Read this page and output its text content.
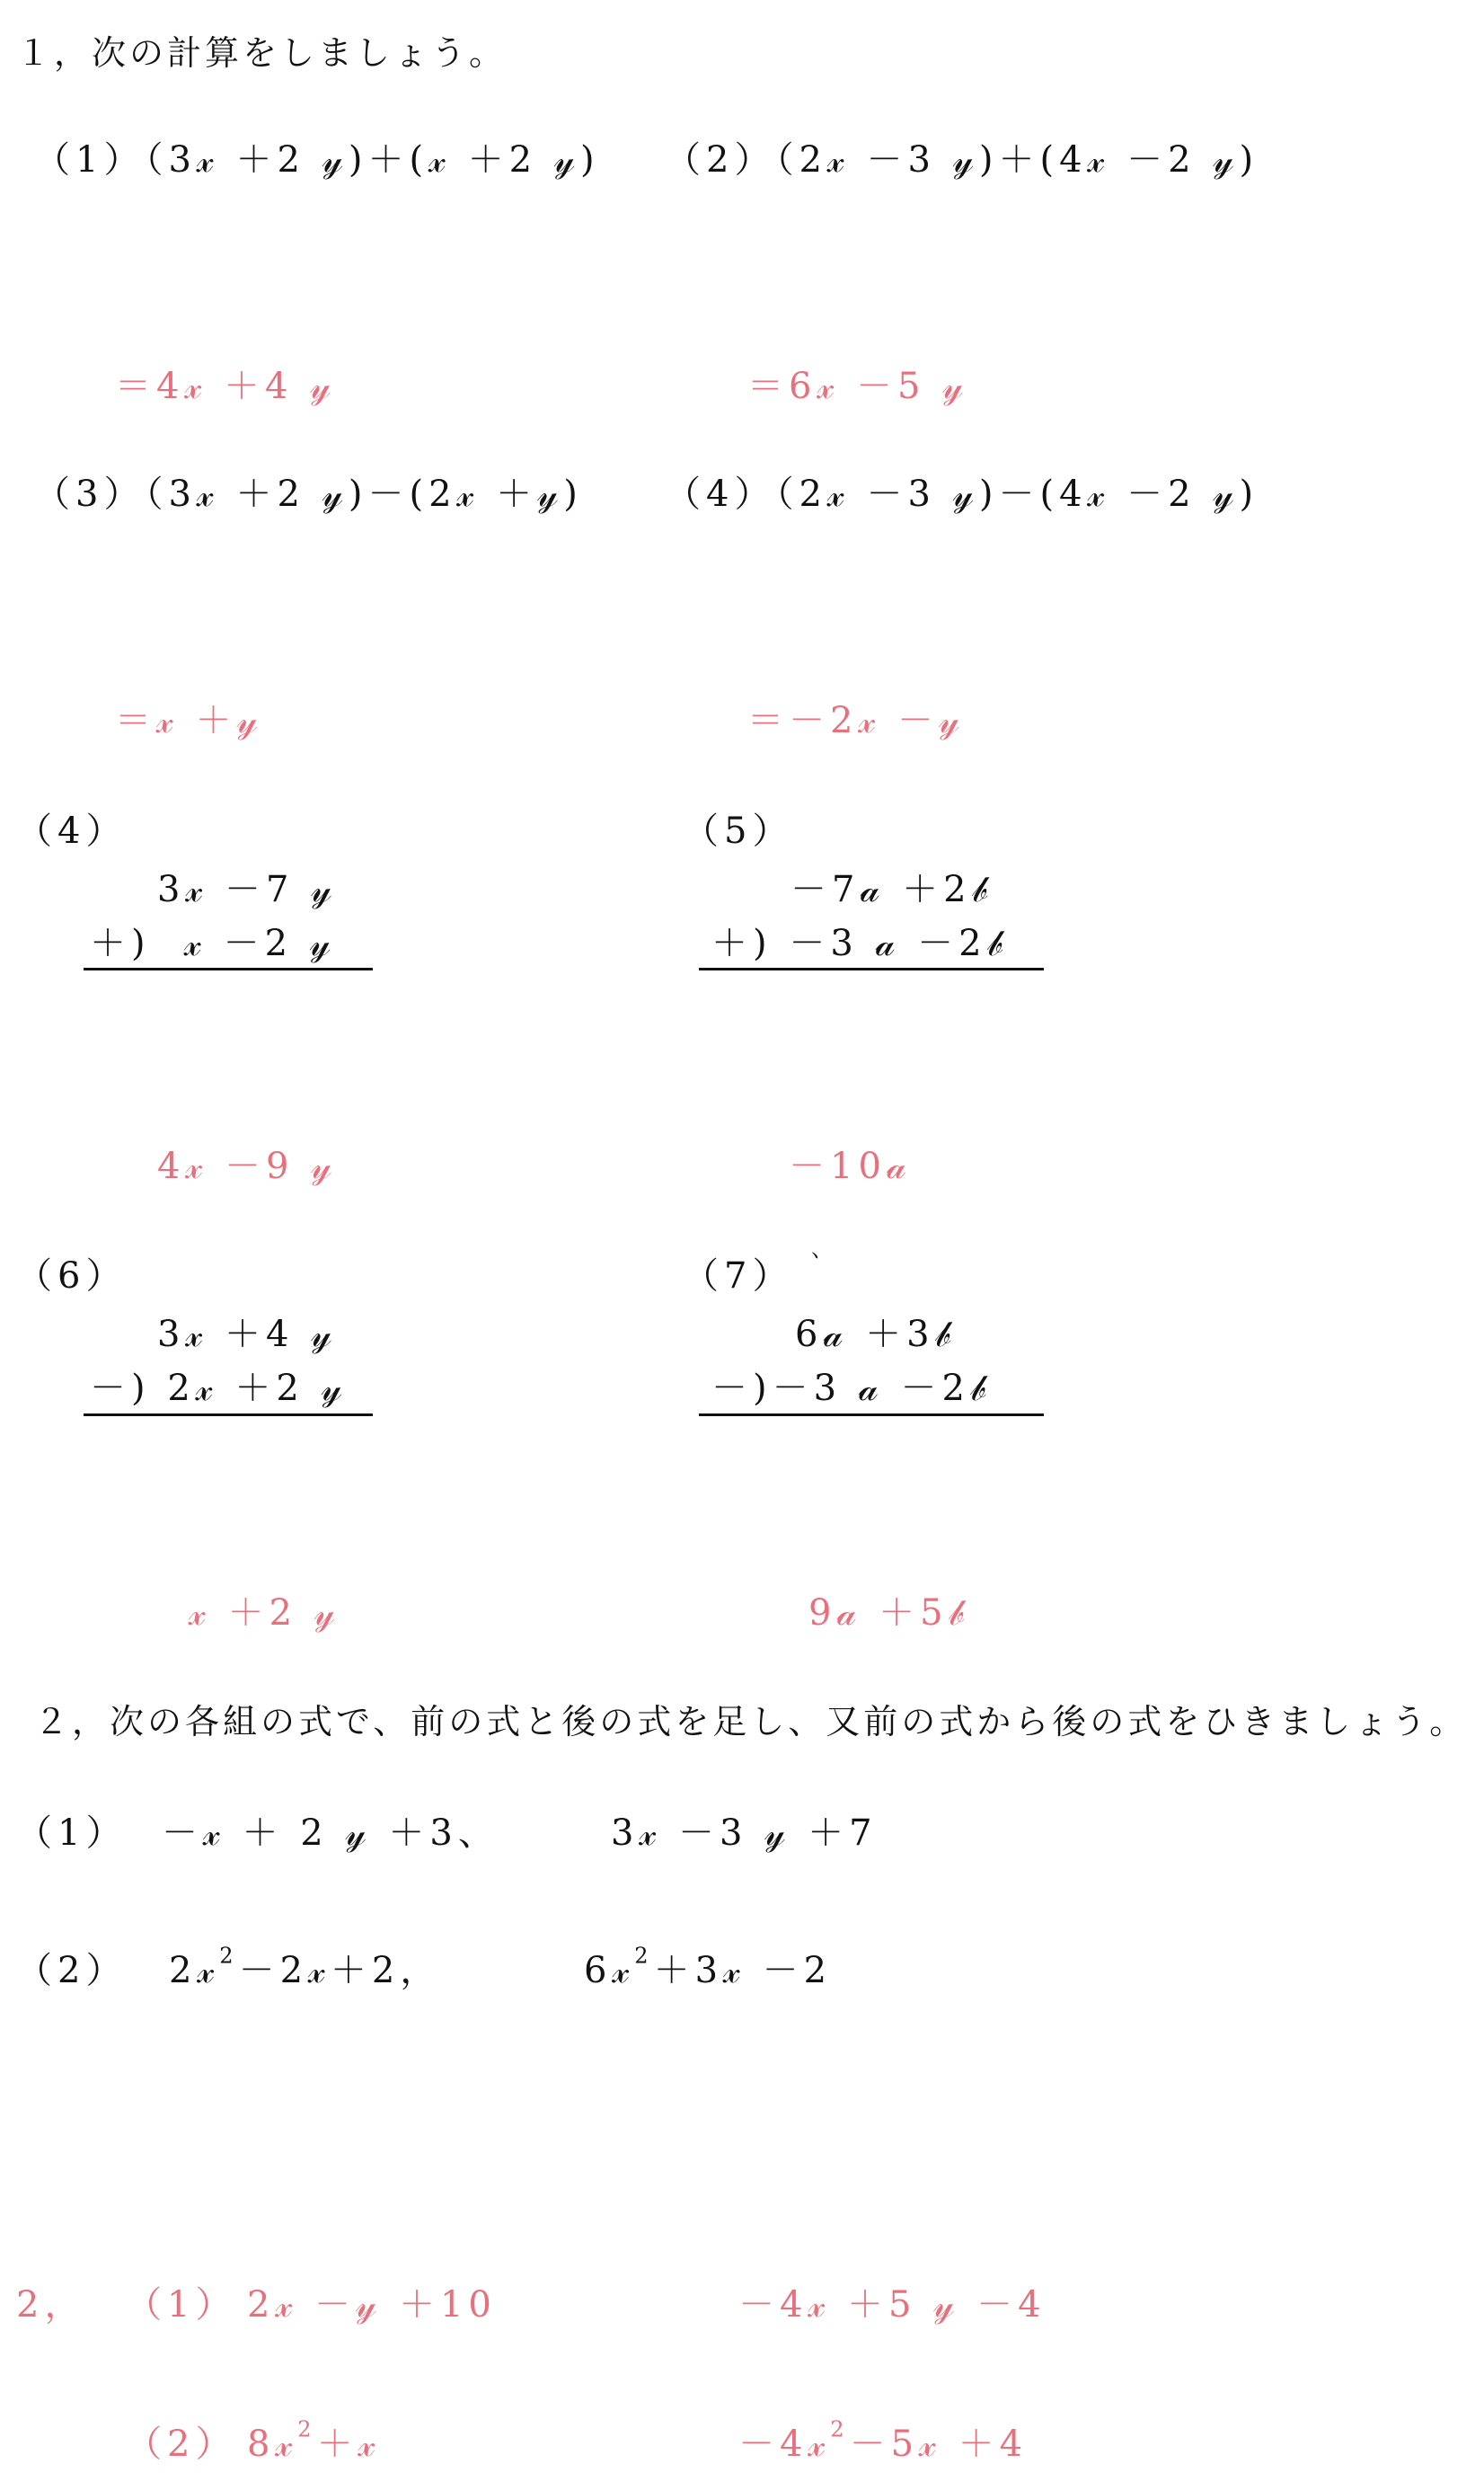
１，次の計算をしましょう。
（1）（3𝓍 ＋2 𝓎)＋(𝓍 ＋2 𝓎) （2）（2𝓍 －3 𝓎)＋(4𝓍 －2 𝓎)
＝4𝓍 ＋4 𝓎	＝6𝓍 －5 𝓎
（3）（3𝓍 ＋2 𝓎)－(2𝓍 ＋𝓎) （4）（2𝓍 －3 𝓎)－(4𝓍 －2 𝓎)
＝𝓍 ＋𝓎	＝－2𝓍 －𝓎
（4）
3𝓍 －7 𝓎
＋)  𝓍 －2 𝓎
4𝓍 －9 𝓎
（5）
－7𝒶 ＋2𝒷
＋) －3 𝒶 －2𝒷
－10𝒶
､
（6）
3𝓍 ＋4 𝓎
－) 2𝓍 ＋2 𝓎
𝓍 ＋2 𝓎
（7）
6𝒶 ＋3𝒷
－)－3 𝒶 －2𝒷
9𝒶 ＋5𝒷
２，次の各組の式で、前の式と後の式を足し、又前の式から後の式をひきましょう。
（1） －𝓍 ＋ 2 𝓎 ＋3、	3𝓍 －3 𝓎 ＋7
（2） 2𝓍$^2$－2𝓍＋2，	6𝓍$^2$＋3𝓍 －2
2， （1） 2𝓍 －𝓎 ＋10	－4𝓍 ＋5 𝓎 －4
（2） 8𝓍$^2$＋𝓍	－4𝓍$^2$－5𝓍 ＋4
